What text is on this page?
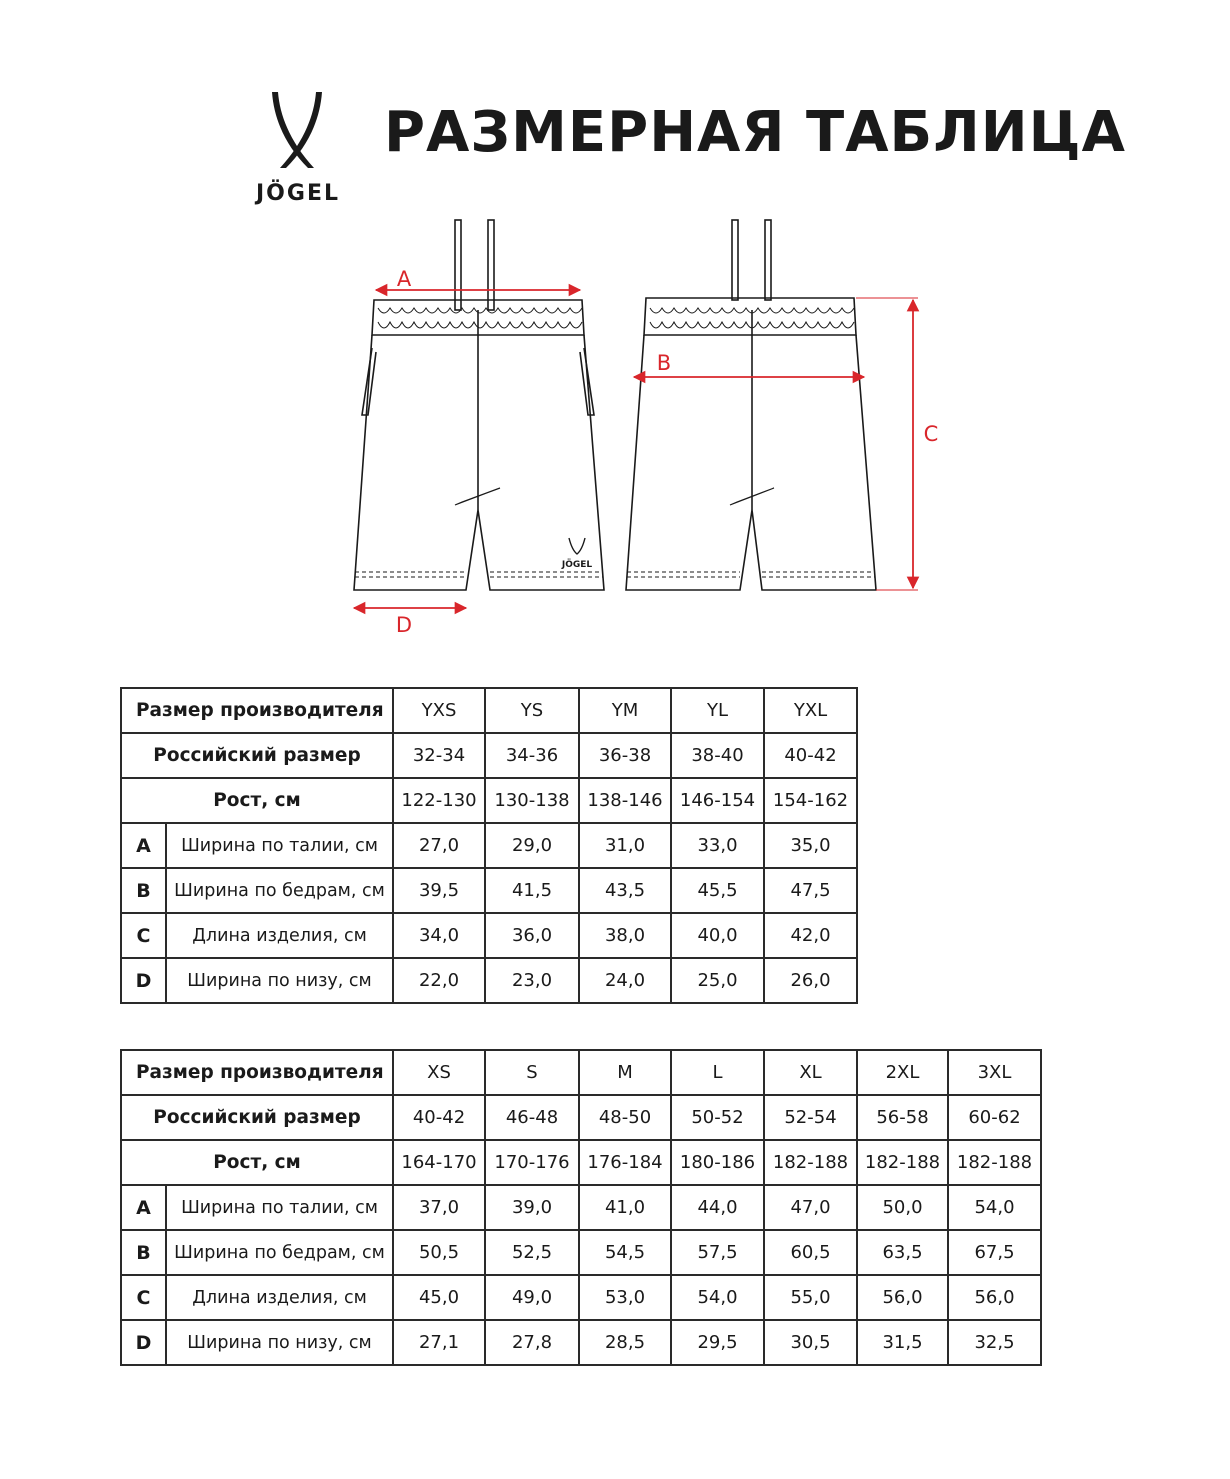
JÖGEL
РАЗМЕРНАЯ ТАБЛИЦА
JÖGEL
A
B
C
D
Размер производителя		YXS	YS	YM	YL	YXL
Российский размер		32-34	34-36	36-38	38-40	40-42
Рост, см		122-130	130-138	138-146	146-154	154-162
A	Ширина по талии, см	27,0	29,0	31,0	33,0	35,0
B	Ширина по бедрам, см	39,5	41,5	43,5	45,5	47,5
C	Длина изделия, см	34,0	36,0	38,0	40,0	42,0
D	Ширина по низу, см	22,0	23,0	24,0	25,0	26,0
Размер производителя		XS	S	M	L	XL	2XL	3XL
Российский размер		40-42	46-48	48-50	50-52	52-54	56-58	60-62
Рост, см		164-170	170-176	176-184	180-186	182-188	182-188	182-188
A	Ширина по талии, см	37,0	39,0	41,0	44,0	47,0	50,0	54,0
B	Ширина по бедрам, см	50,5	52,5	54,5	57,5	60,5	63,5	67,5
C	Длина изделия, см	45,0	49,0	53,0	54,0	55,0	56,0	56,0
D	Ширина по низу, см	27,1	27,8	28,5	29,5	30,5	31,5	32,5
